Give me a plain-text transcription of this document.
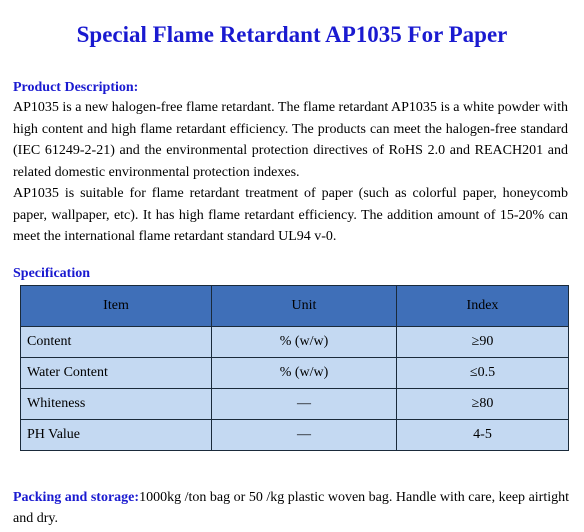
Special Flame Retardant AP1035 For Paper
Product Description:

AP1035 is a new halogen-free flame retardant. The flame retardant AP1035 is a white powder with high content and high flame retardant efficiency. The products can meet the halogen-free standard (IEC 61249-2-21) and the environmental protection directives of RoHS 2.0 and REACH201 and related domestic environmental protection indexes.

AP1035 is suitable for flame retardant treatment of paper (such as colorful paper, honeycomb paper, wallpaper, etc). It has high flame retardant efficiency. The addition amount of 15-20% can meet the international flame retardant standard UL94 v-0.

Specification
Item	Unit	Index
Content	% (w/w)	≥90
Water Content	% (w/w)	≤0.5
Whiteness	—	≥80
PH Value	—	4-5

Packing and storage:1000kg /ton bag or 50 /kg plastic woven bag. Handle with care, keep airtight and dry.
